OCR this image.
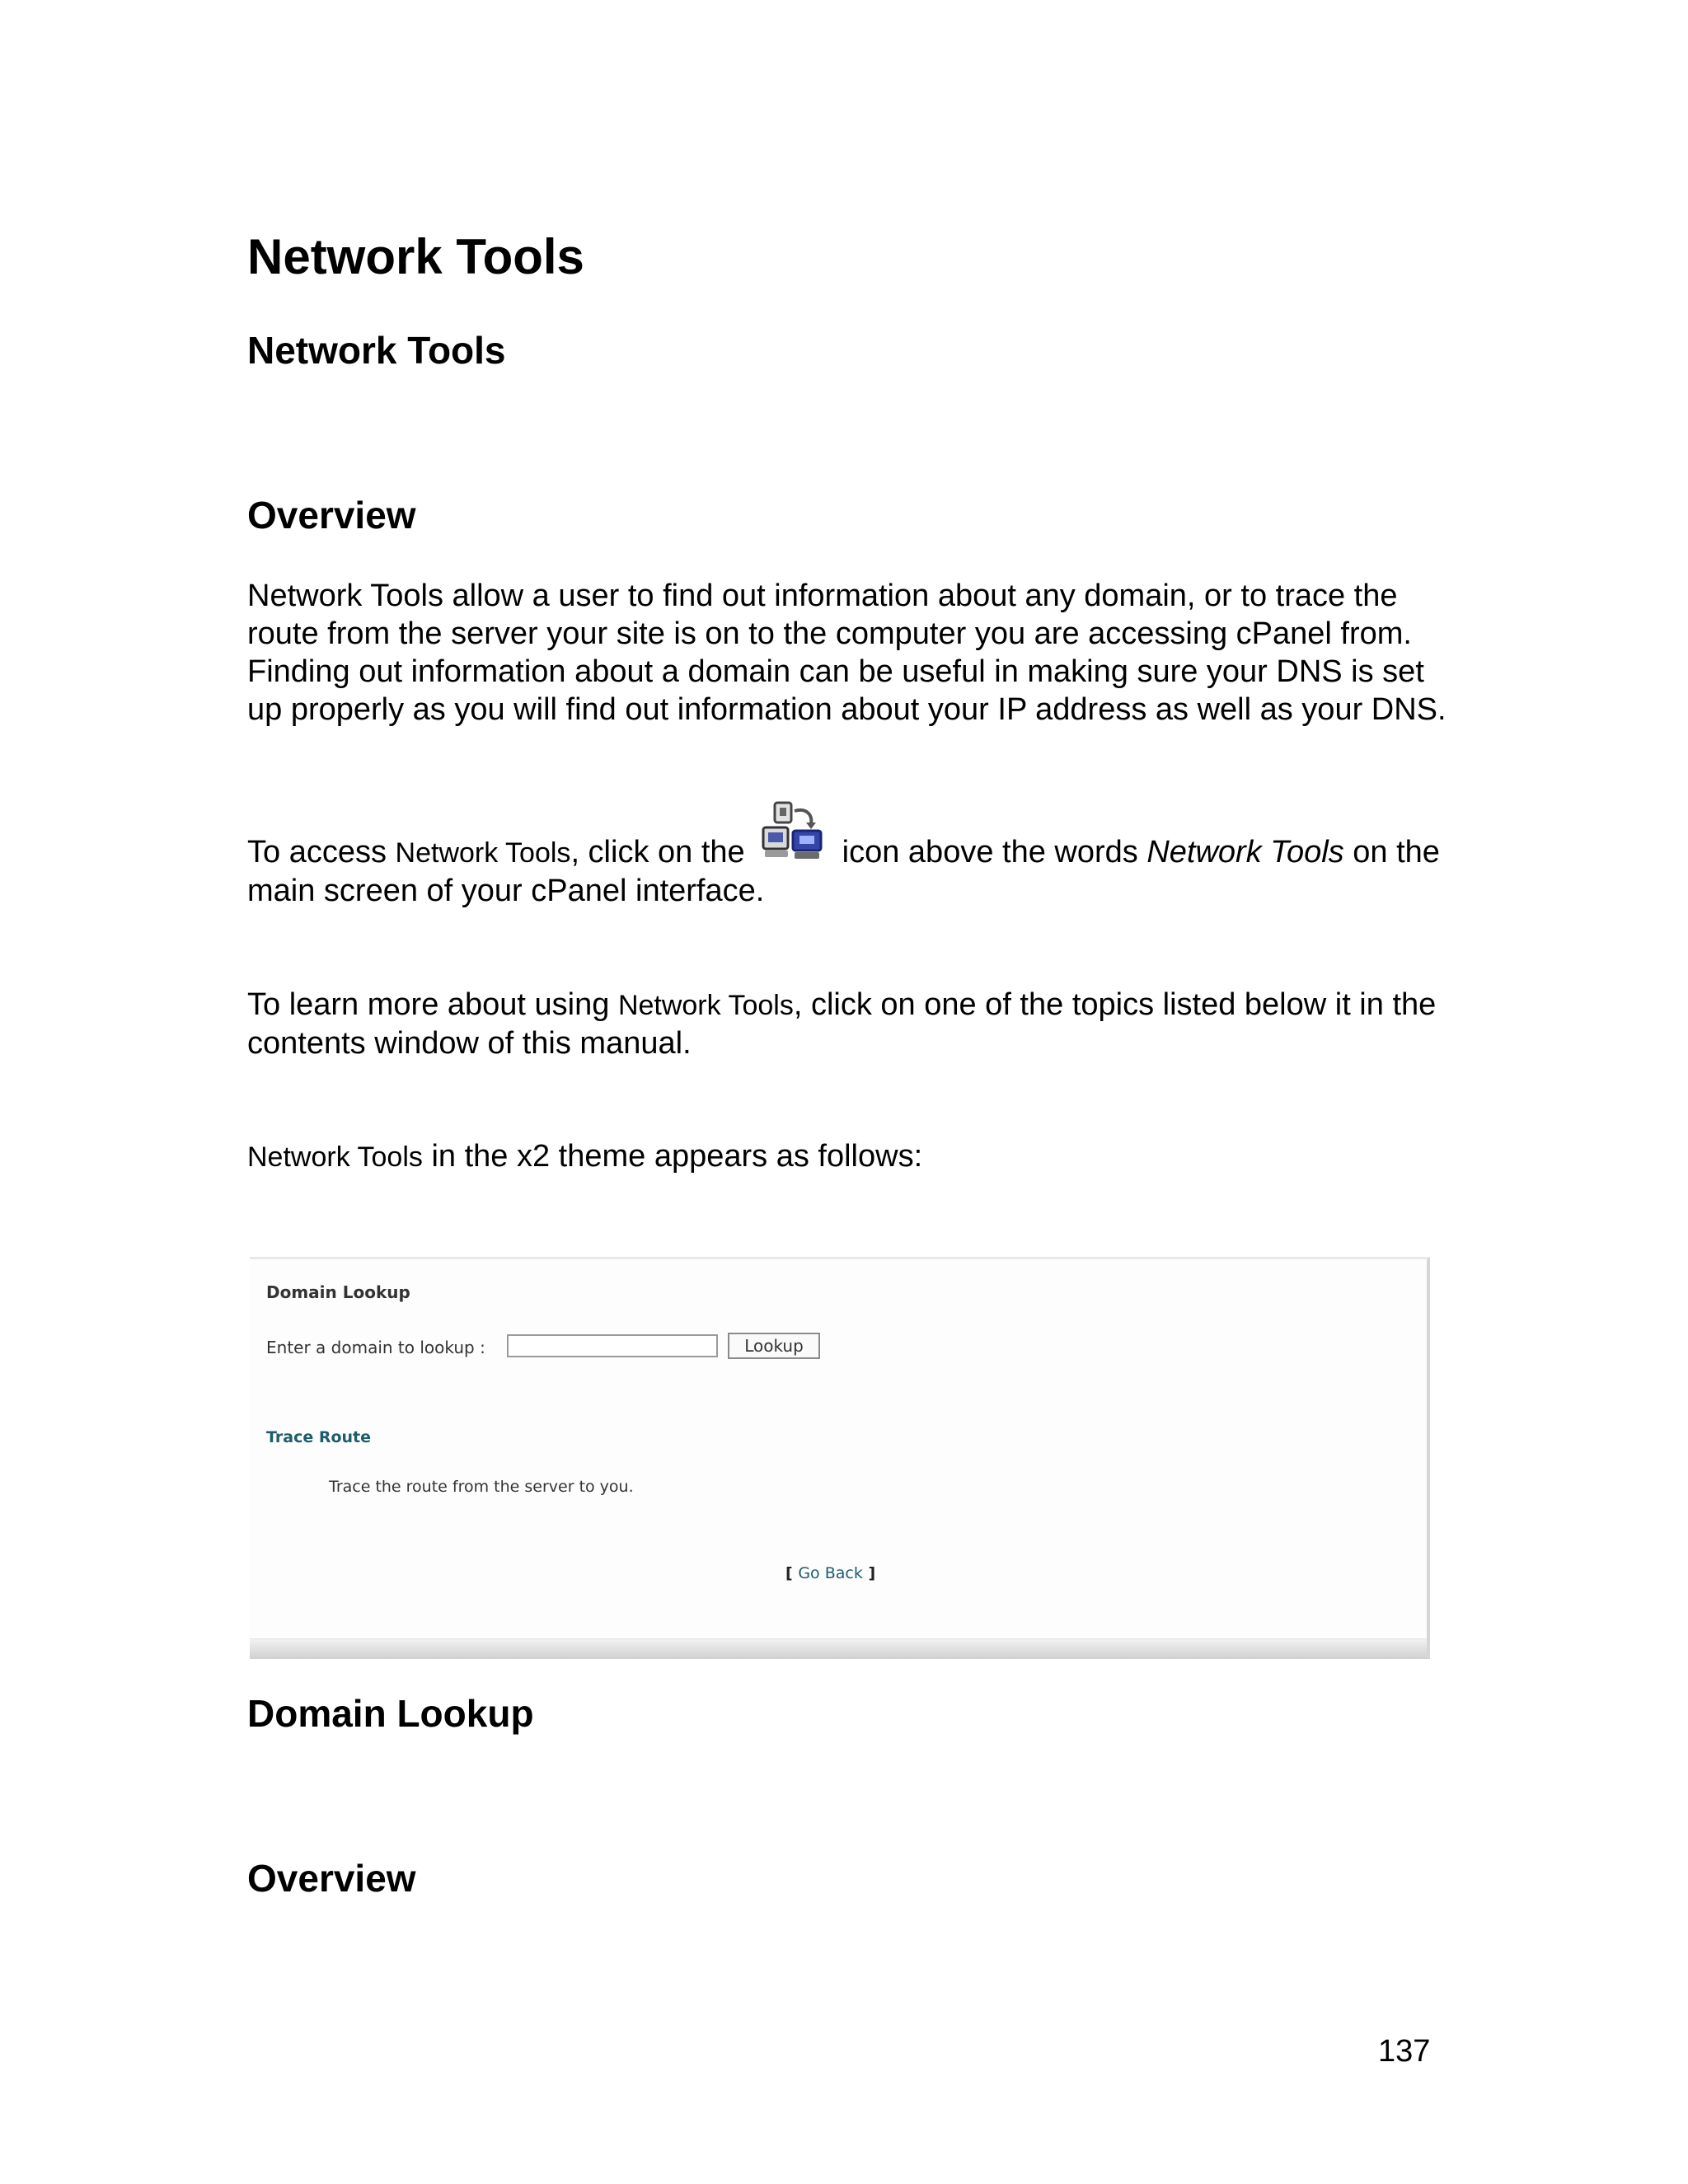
Network Tools
Network Tools
Overview

Network Tools allow a user to find out information about any domain, or to trace the route from the server your site is on to the computer you are accessing cPanel from. Finding out information about a domain can be useful in making sure your DNS is set up properly as you will find out information about your IP address as well as your DNS.

To access Network Tools, click on the	icon above the words Network Tools on the main screen of your cPanel interface.

To learn more about using Network Tools, click on one of the topics listed below it in the contents window of this manual.

Network Tools in the x2 theme appears as follows:

Domain Lookup
Enter a domain to lookup :	Lookup
Trace Route
Trace the route from the server to you.
[ Go Back ]
Domain Lookup
Overview
137
